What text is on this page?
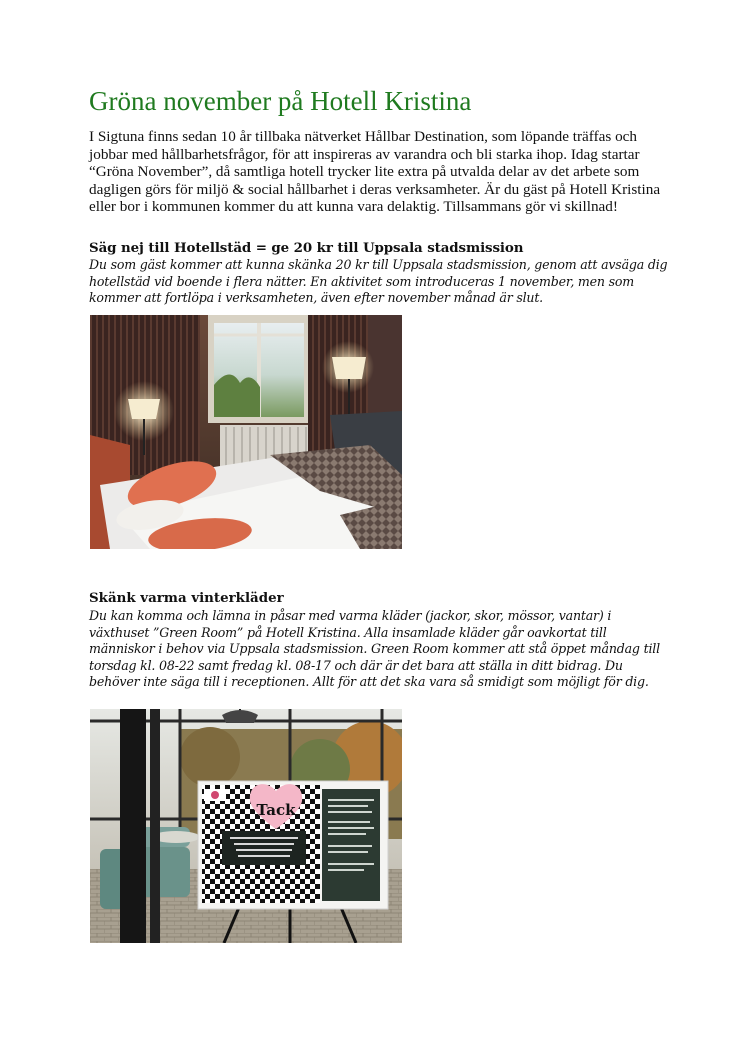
Gröna november på Hotell Kristina

I Sigtuna finns sedan 10 år tillbaka nätverket Hållbar Destination, som löpande träffas och jobbar med hållbarhetsfrågor, för att inspireras av varandra och bli starka ihop. Idag startar “Gröna November”, då samtliga hotell trycker lite extra på utvalda delar av det arbete som dagligen görs för miljö & social hållbarhet i deras verksamheter. Är du gäst på Hotell Kristina eller bor i kommunen kommer du att kunna vara delaktig. Tillsammans gör vi skillnad!

Säg nej till Hotellstäd = ge 20 kr till Uppsala stadsmission

Du som gäst kommer att kunna skänka 20 kr till Uppsala stadsmission, genom att avsäga dig hotellstäd vid boende i flera nätter. En aktivitet som introduceras 1 november, men som kommer att fortlöpa i verksamheten, även efter november månad är slut.

Skänk varma vinterkläder

Du kan komma och lämna in påsar med varma kläder (jackor, skor, mössor, vantar) i växthuset ”Green Room” på Hotell Kristina. Alla insamlade kläder går oavkortat till människor i behov via Uppsala stadsmission. Green Room kommer att stå öppet måndag till torsdag kl. 08-22 samt fredag kl. 08-17 och där är det bara att ställa in ditt bidrag. Du behöver inte säga till i receptionen. Allt för att det ska vara så smidigt som möjligt för dig.

Tack
